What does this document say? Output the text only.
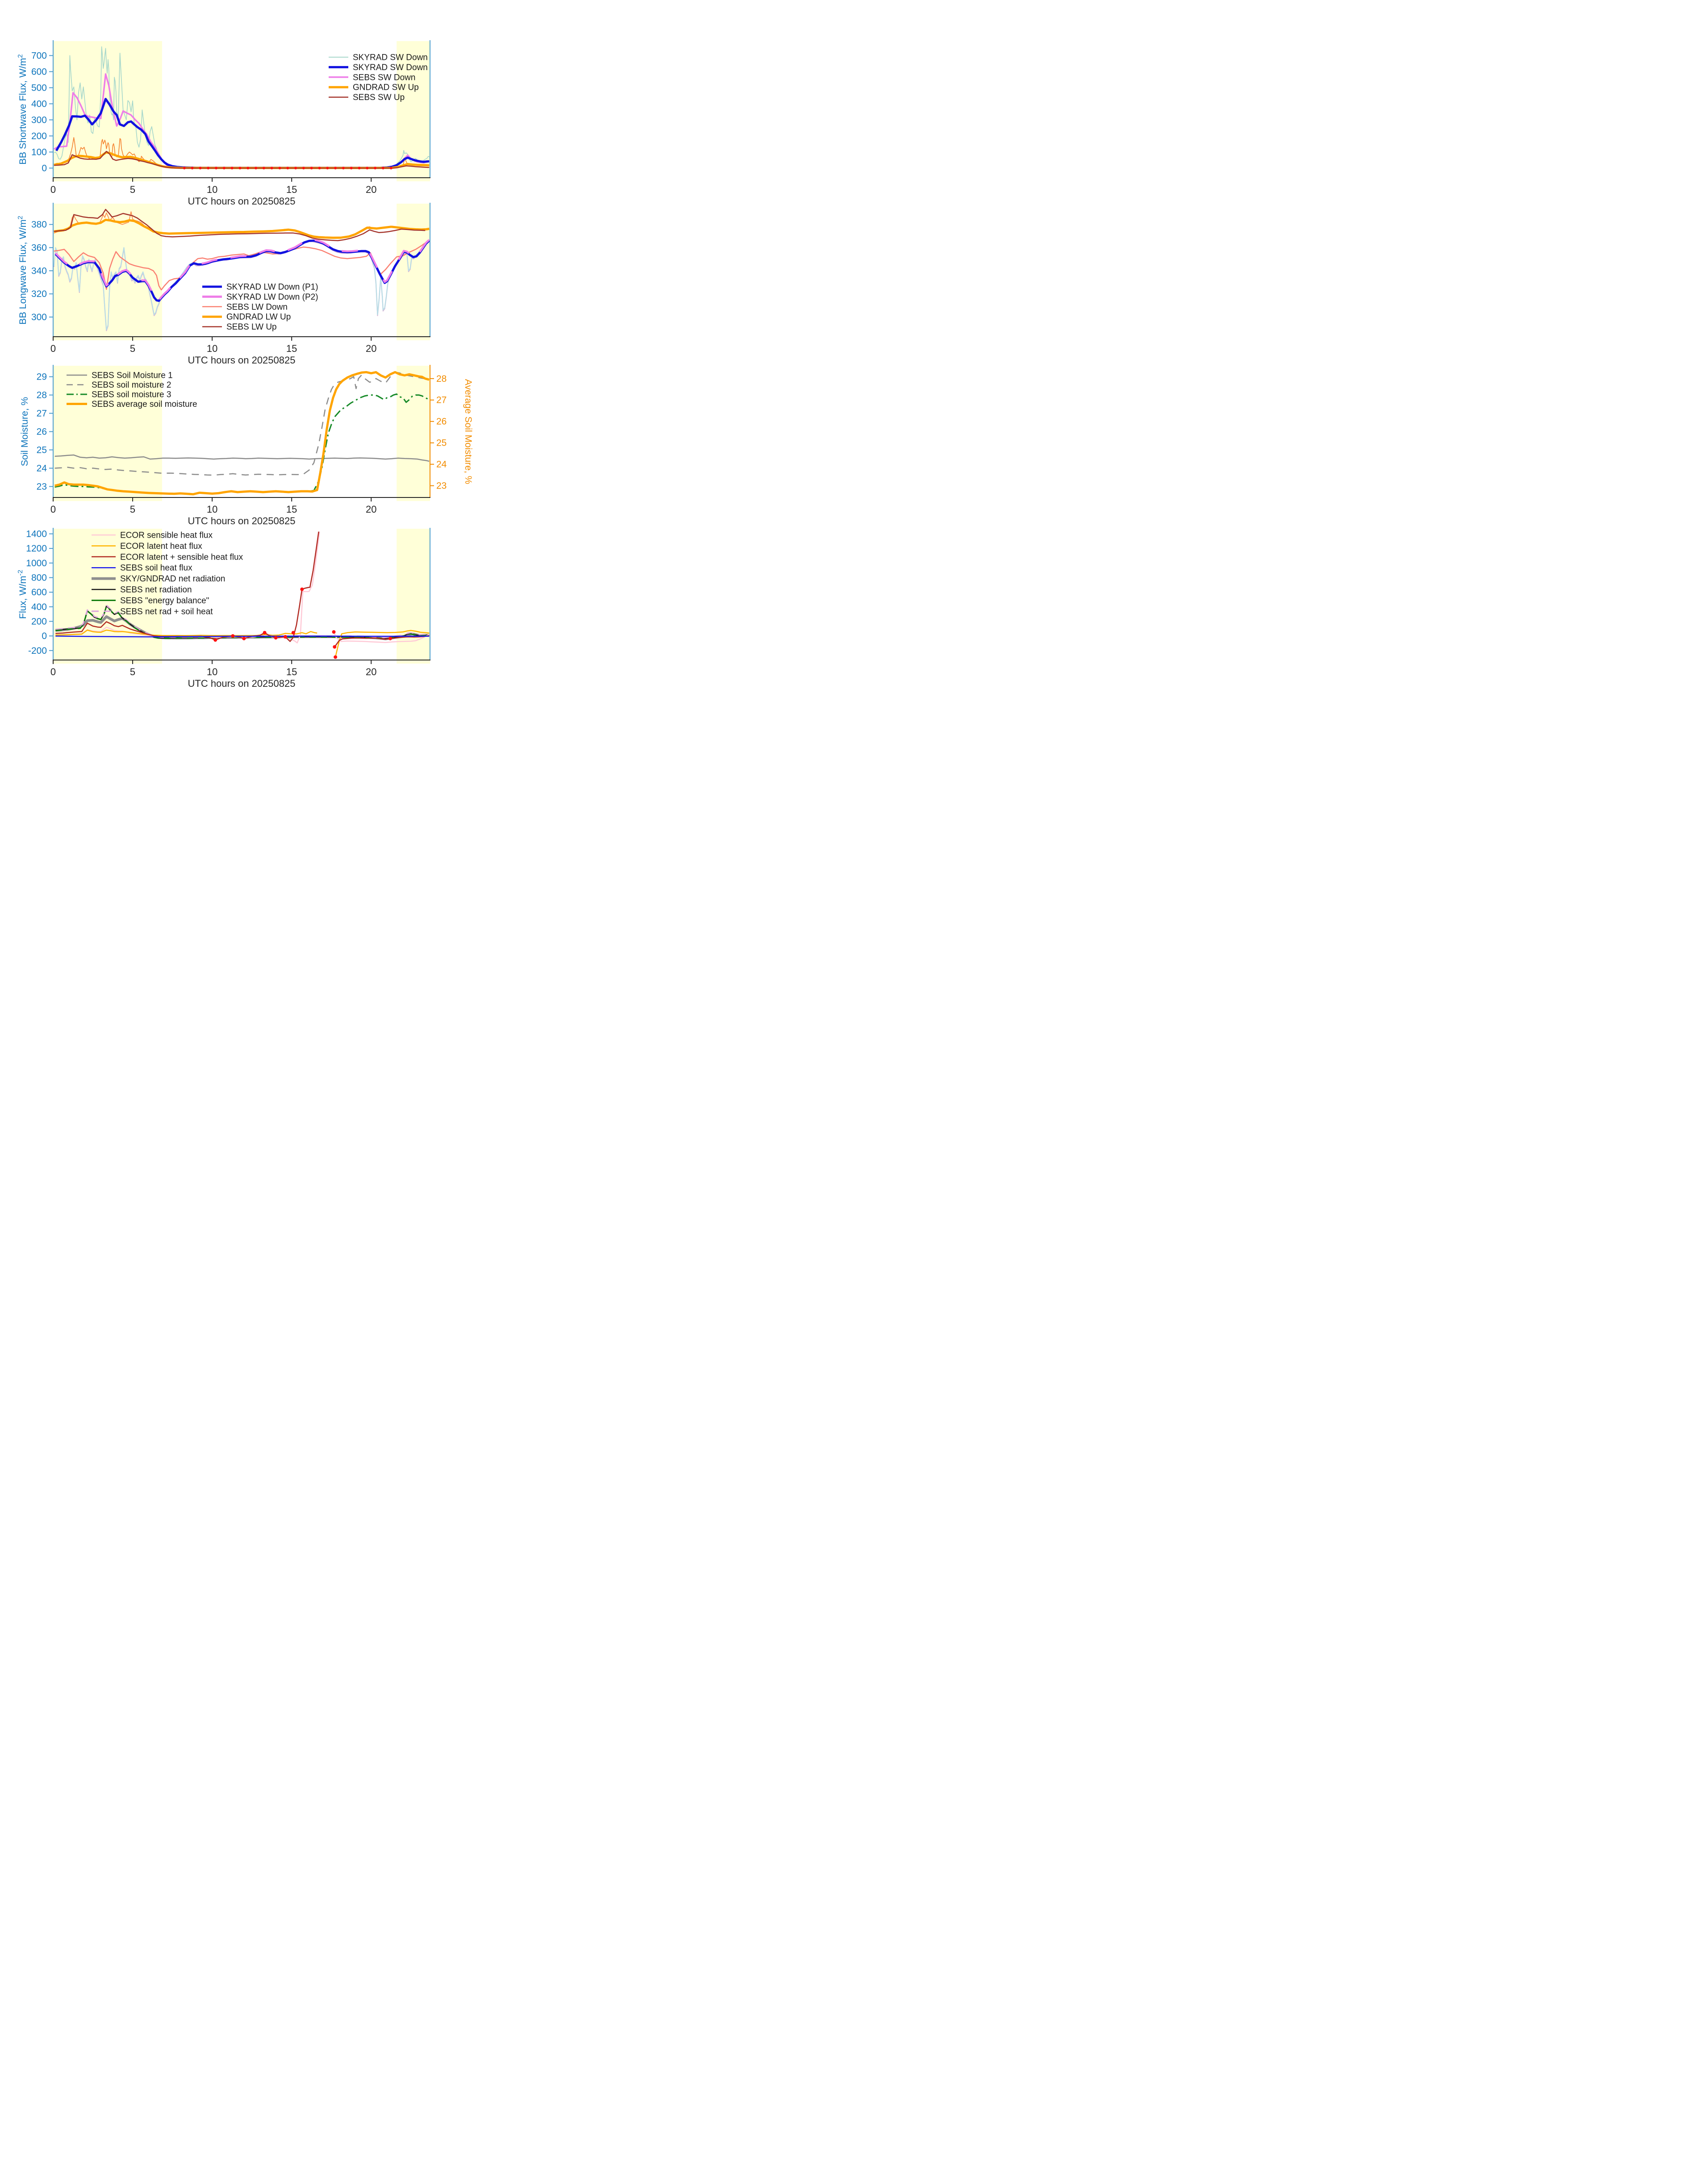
0
100
200
300
400
500
600
700
0	5	10	15	20
UTC hours on 20250825
BB Shortwave Flux, $W/m^2$	SKYRAD SW Down
SKYRAD SW Down
SEBS SW Down
GNDRAD SW Up
SEBS SW Up
300
320
340
360
380
0	5	10	15	20
UTC hours on 20250825
BB Longwave Flux, $W/m^2$
SKYRAD LW Down (P1)
SKYRAD LW Down (P2)
SEBS LW Down
GNDRAD LW Up
SEBS LW Up
23
24
25
26
27
28
29
23
24
25
26
27
28
Average Soil Moisture, %
0	5	10	15	20
UTC hours on 20250825
Soil Moisture, %
SEBS Soil Moisture 1
SEBS soil moisture 2
SEBS soil moisture 3
SEBS average soil moisture
-200
0
200
400
600
800
1000
1200
1400
0	5	10	15	20
UTC hours on 20250825
Flux, $W/m^{-2}$
ECOR sensible heat flux
ECOR latent heat flux
ECOR latent + sensible heat flux
SEBS soil heat flux
SKY/GNDRAD net radiation
SEBS net radiation
SEBS "energy balance"
SEBS net rad + soil heat
